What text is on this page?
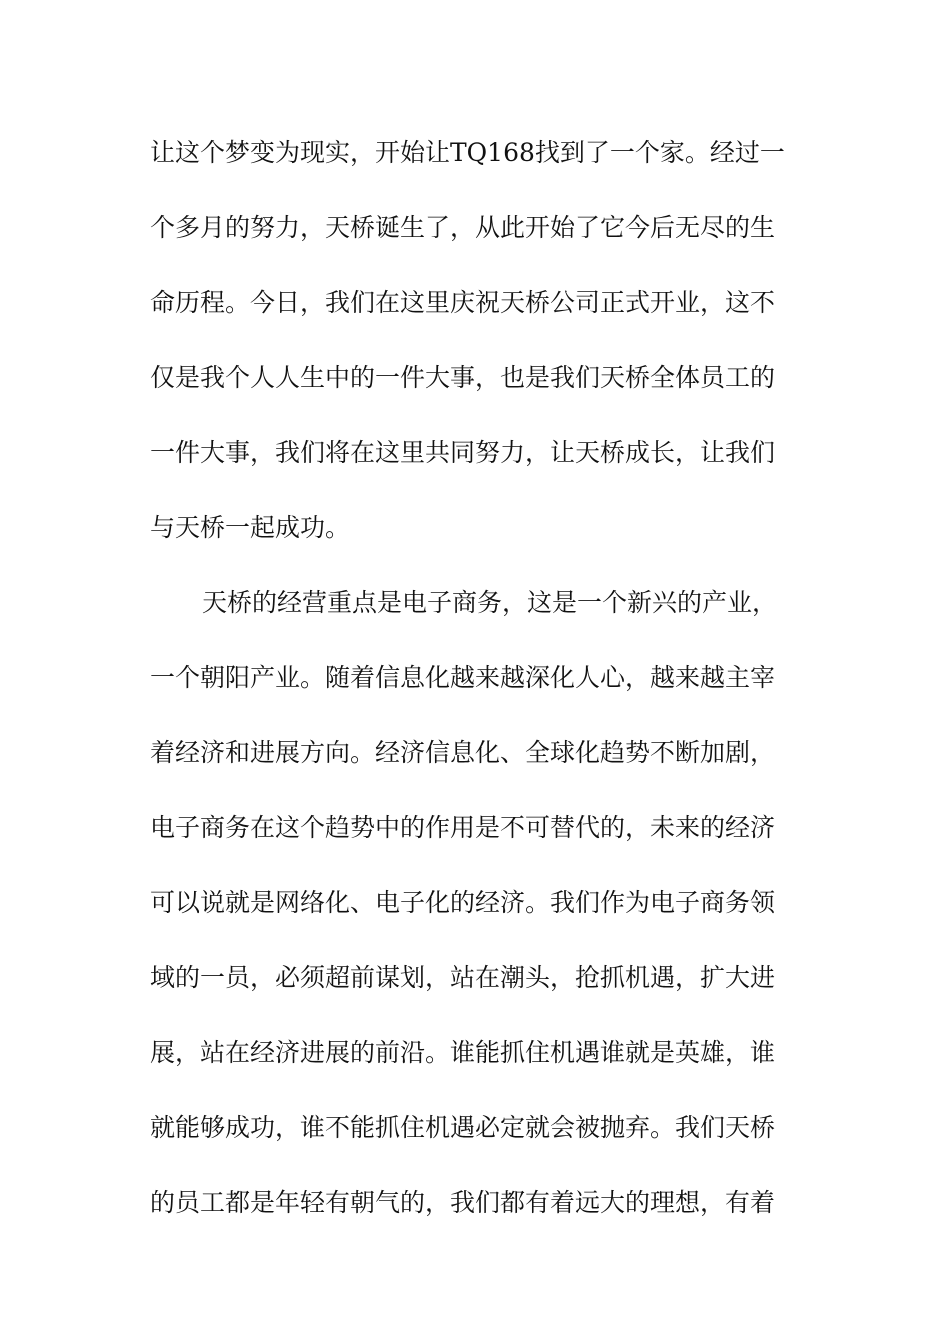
让这个梦变为现实，开始让TQ168找到了一个家。经过一
个多月的努力，天桥诞生了，从此开始了它今后无尽的生
命历程。今日，我们在这里庆祝天桥公司正式开业，这不
仅是我个人人生中的一件大事，也是我们天桥全体员工的
一件大事，我们将在这里共同努力，让天桥成长，让我们
与天桥一起成功。
天桥的经营重点是电子商务，这是一个新兴的产业，
一个朝阳产业。随着信息化越来越深化人心，越来越主宰
着经济和进展方向。经济信息化、全球化趋势不断加剧，
电子商务在这个趋势中的作用是不可替代的，未来的经济
可以说就是网络化、电子化的经济。我们作为电子商务领
域的一员，必须超前谋划，站在潮头，抢抓机遇，扩大进
展，站在经济进展的前沿。谁能抓住机遇谁就是英雄，谁
就能够成功，谁不能抓住机遇必定就会被抛弃。我们天桥
的员工都是年轻有朝气的，我们都有着远大的理想，有着
